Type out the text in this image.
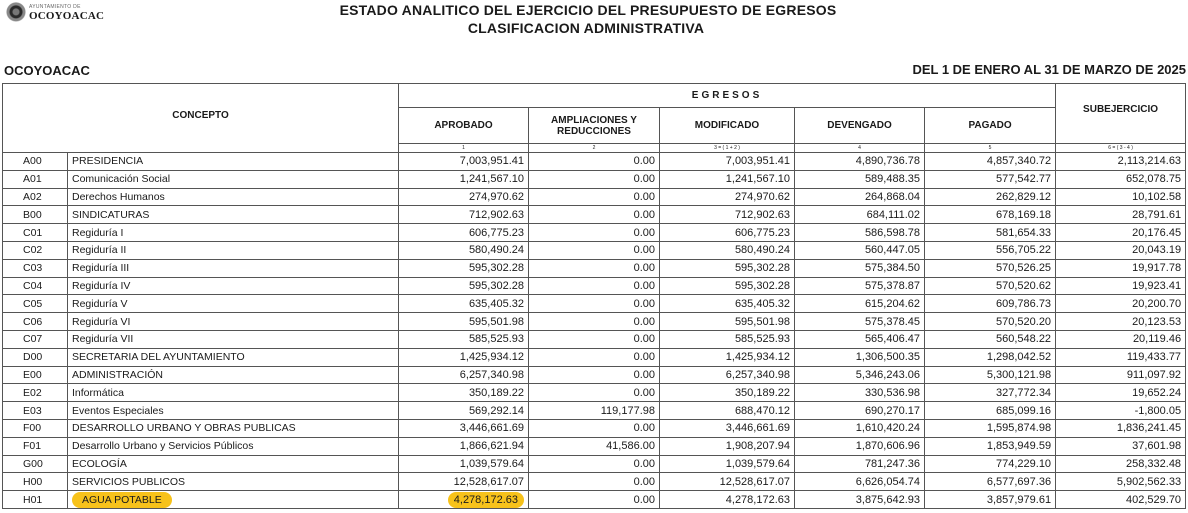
AYUNTAMIENTO DE
OCOYOACAC	ESTADO ANALITICO DEL EJERCICIO DEL PRESUPUESTO DE EGRESOS
CLASIFICACION ADMINISTRATIVA
OCOYOACAC	DEL 1 DE ENERO AL 31 DE MARZO DE 2025
CONCEPTO		EGRESOS					SUBEJERCICIO
		APROBADO	AMPLIACIONES Y REDUCCIONES	MODIFICADO	DEVENGADO	PAGADO	
		1	2	3 = ( 1 + 2 )	4	5	6 = ( 3 - 4 )
A00	PRESIDENCIA	7,003,951.41	0.00	7,003,951.41	4,890,736.78	4,857,340.72	2,113,214.63
A01	Comunicación Social	1,241,567.10	0.00	1,241,567.10	589,488.35	577,542.77	652,078.75
A02	Derechos Humanos	274,970.62	0.00	274,970.62	264,868.04	262,829.12	10,102.58
B00	SINDICATURAS	712,902.63	0.00	712,902.63	684,111.02	678,169.18	28,791.61
C01	Regiduría I	606,775.23	0.00	606,775.23	586,598.78	581,654.33	20,176.45
C02	Regiduría II	580,490.24	0.00	580,490.24	560,447.05	556,705.22	20,043.19
C03	Regiduría III	595,302.28	0.00	595,302.28	575,384.50	570,526.25	19,917.78
C04	Regiduría IV	595,302.28	0.00	595,302.28	575,378.87	570,520.62	19,923.41
C05	Regiduría V	635,405.32	0.00	635,405.32	615,204.62	609,786.73	20,200.70
C06	Regiduría VI	595,501.98	0.00	595,501.98	575,378.45	570,520.20	20,123.53
C07	Regiduría VII	585,525.93	0.00	585,525.93	565,406.47	560,548.22	20,119.46
D00	SECRETARIA DEL AYUNTAMIENTO	1,425,934.12	0.00	1,425,934.12	1,306,500.35	1,298,042.52	119,433.77
E00	ADMINISTRACIÓN	6,257,340.98	0.00	6,257,340.98	5,346,243.06	5,300,121.98	911,097.92
E02	Informática	350,189.22	0.00	350,189.22	330,536.98	327,772.34	19,652.24
E03	Eventos Especiales	569,292.14	119,177.98	688,470.12	690,270.17	685,099.16	-1,800.05
F00	DESARROLLO URBANO Y OBRAS PUBLICAS	3,446,661.69	0.00	3,446,661.69	1,610,420.24	1,595,874.98	1,836,241.45
F01	Desarrollo Urbano y Servicios Públicos	1,866,621.94	41,586.00	1,908,207.94	1,870,606.96	1,853,949.59	37,601.98
G00	ECOLOGÍA	1,039,579.64	0.00	1,039,579.64	781,247.36	774,229.10	258,332.48
H00	SERVICIOS PUBLICOS	12,528,617.07	0.00	12,528,617.07	6,626,054.74	6,577,697.36	5,902,562.33
H01	AGUA POTABLE	4,278,172.63	0.00	4,278,172.63	3,875,642.93	3,857,979.61	402,529.70
